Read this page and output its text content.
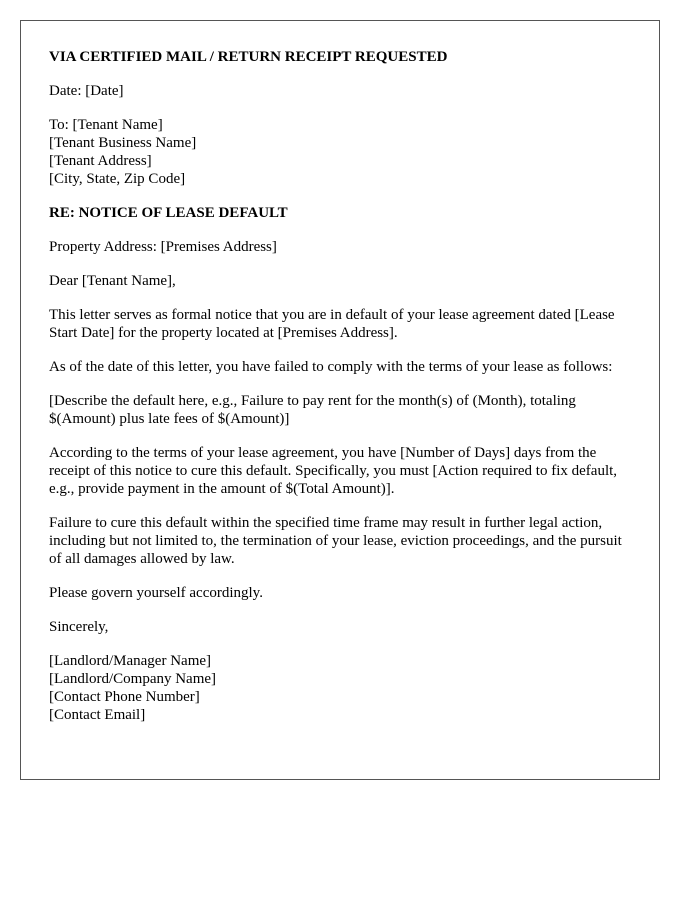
VIA CERTIFIED MAIL / RETURN RECEIPT REQUESTED
Date: [Date]
To: [Tenant Name]
[Tenant Business Name]
[Tenant Address]
[City, State, Zip Code]
RE: NOTICE OF LEASE DEFAULT
Property Address: [Premises Address]
Dear [Tenant Name],
This letter serves as formal notice that you are in default of your lease agreement dated [Lease Start Date] for the property located at [Premises Address].
As of the date of this letter, you have failed to comply with the terms of your lease as follows:
[Describe the default here, e.g., Failure to pay rent for the month(s) of (Month), totaling $(Amount) plus late fees of $(Amount)]
According to the terms of your lease agreement, you have [Number of Days] days from the receipt of this notice to cure this default. Specifically, you must [Action required to fix default, e.g., provide payment in the amount of $(Total Amount)].
Failure to cure this default within the specified time frame may result in further legal action, including but not limited to, the termination of your lease, eviction proceedings, and the pursuit of all damages allowed by law.
Please govern yourself accordingly.
Sincerely,
[Landlord/Manager Name]
[Landlord/Company Name]
[Contact Phone Number]
[Contact Email]
